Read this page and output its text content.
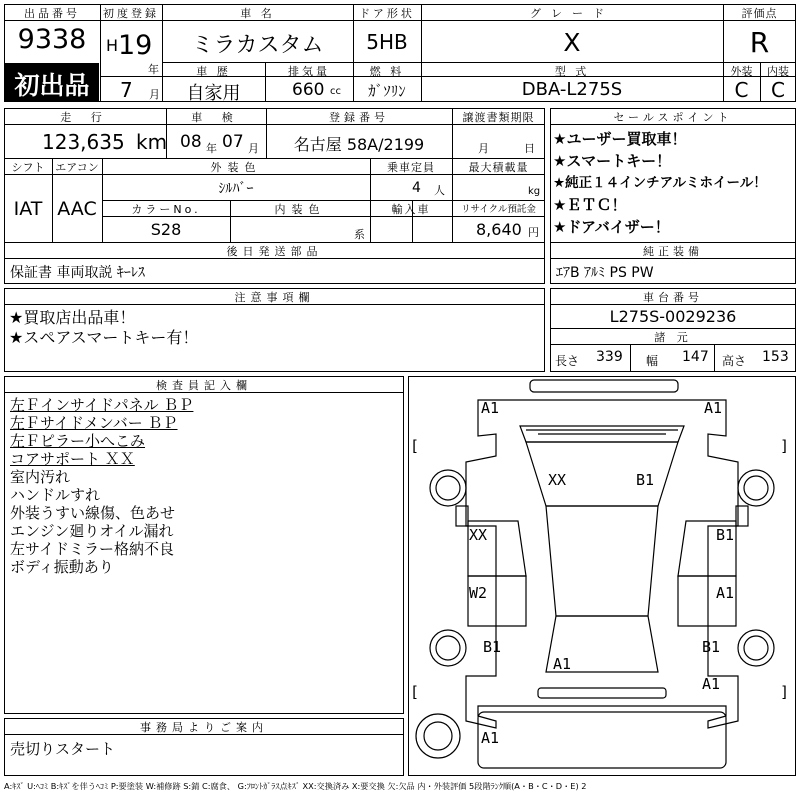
出品番号
9338
初出品
初度登録
H 19
年
7 月
車 名
ミラカスタム
ドア形状
5HB
グレード
X
評価点
R
車 歴
自家用
排気量
660 cc
燃 料
ｶﾞｿﾘﾝ
型 式
DBA-L275S
外装	内装
C	C
走 行
123,635 km
車 検
08 年 07 月
登録番号
名古屋 58A/2199
譲渡書類期限
月	日
シフト エアコン
IAT AAC
外装色
ｼﾙﾊﾞｰ
乗車定員
4 人
最大積載量
kg
カラーNo.
S28
内装色
系
輸入車	リサイクル預託金
8,640 円
後日発送部品
保証書 車両取説 ｷｰﾚｽ
セールスポイント
★ユーザー買取車！
★スマートキー！
★純正１４インチアルミホイール！
★ＥＴＣ！
★ドアバイザー！
純正装備
ｴｱB ｱﾙﾐ PS PW
注意事項欄
★買取店出品車！
★スペアスマートキー有！
車台番号
L275S-0029236
諸 元
長さ 339 幅 147 高さ 153
検査員記入欄
左Ｆインサイドパネル ＢＰ
左Ｆサイドメンバー ＢＰ
左Ｆピラー小へこみ
コアサポート ＸＸ
室内汚れ
ハンドルすれ
外装うすい線傷、色あせ
エンジン廻りオイル漏れ
左サイドミラー格納不良
ボディ振動あり
事務局よりご案内
売切りスタート
A1	A1
[	]
XX	B1
XX	B1
W2	A1
B1	B1
A1
[	]
A1
A1
A:ｷｽﾞ U:ﾍｺﾐ B:ｷｽﾞを伴うﾍｺﾐ P:要塗装 W:補修跡 S:錆 C:腐食、 G:ﾌﾛﾝﾄｶﾞﾗｽ点ｷｽﾞ XX:交換済み X:要交換 欠:欠品 内・外装評価 5段階ﾗﾝｸ順(A・B・C・D・E) 2
